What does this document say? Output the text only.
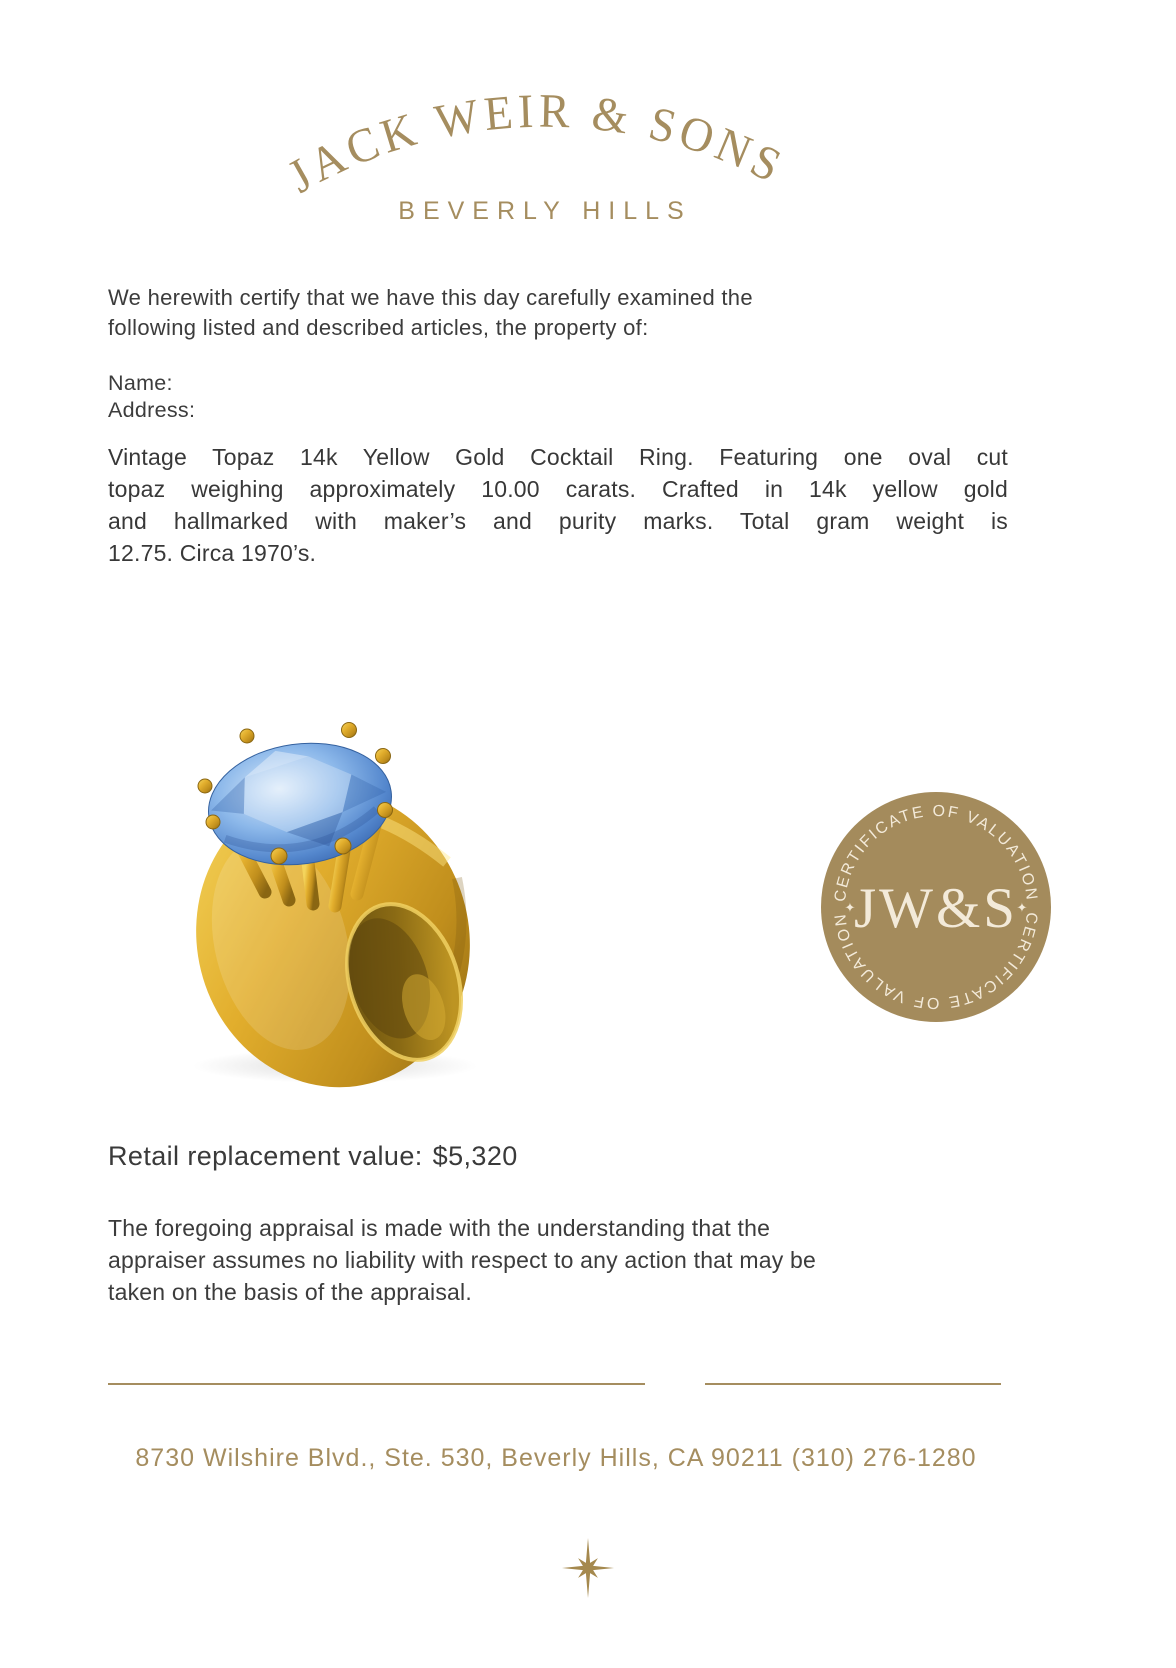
JACK WEIR & SONS
BEVERLY HILLS
We herewith certify that we have this day carefully examined the
following listed and described articles, the property of:
Name:
Address:
Vintage Topaz 14k Yellow Gold Cocktail Ring. Featuring one oval cut
topaz weighing approximately 10.00 carats. Crafted in 14k yellow gold
and hallmarked with maker’s and purity marks. Total gram weight is
12.75. Circa 1970’s.
CERTIFICATE OF VALUATION
CERTIFICATE OF VALUATION
✦	✦
JW&S
Retail replacement value: $5,320
The foregoing appraisal is made with the understanding that the
appraiser assumes no liability with respect to any action that may be
taken on the basis of the appraisal.
8730 Wilshire Blvd., Ste. 530, Beverly Hills, CA 90211 (310) 276-1280
